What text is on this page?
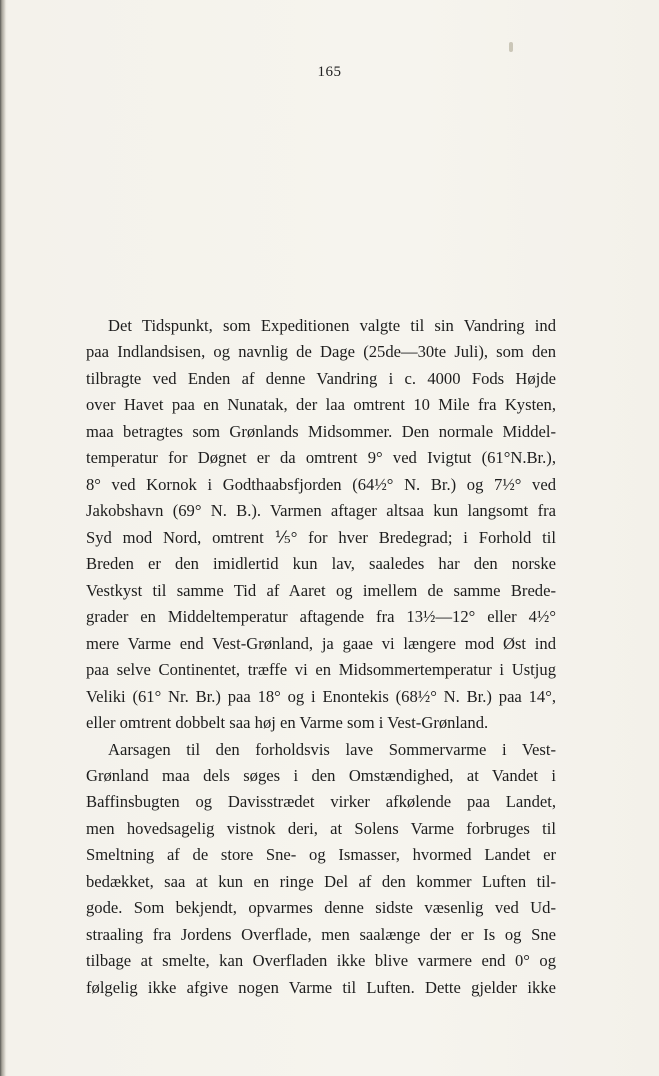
165
Det Tidspunkt, som Expeditionen valgte til sin Vandring ind
paa Indlandsisen, og navnlig de Dage (25de—30te Juli), som den
tilbragte ved Enden af denne Vandring i c. 4000 Fods Højde
over Havet paa en Nunatak, der laa omtrent 10 Mile fra Kysten,
maa betragtes som Grønlands Midsommer. Den normale Middel-
temperatur for Døgnet er da omtrent 9° ved Ivigtut (61°N.Br.),
8° ved Kornok i Godthaabsfjorden (64½° N. Br.) og 7½° ved
Jakobshavn (69° N. B.). Varmen aftager altsaa kun langsomt fra
Syd mod Nord, omtrent ⅕° for hver Bredegrad; i Forhold til
Breden er den imidlertid kun lav, saaledes har den norske
Vestkyst til samme Tid af Aaret og imellem de samme Brede-
grader en Middeltemperatur aftagende fra 13½—12° eller 4½°
mere Varme end Vest-Grønland, ja gaae vi længere mod Øst ind
paa selve Continentet, træffe vi en Midsommertemperatur i Ustjug
Veliki (61° Nr. Br.) paa 18° og i Enontekis (68½° N. Br.) paa 14°,
eller omtrent dobbelt saa høj en Varme som i Vest-Grønland.
Aarsagen til den forholdsvis lave Sommervarme i Vest-
Grønland maa dels søges i den Omstændighed, at Vandet i
Baffinsbugten og Davisstrædet virker afkølende paa Landet,
men hovedsagelig vistnok deri, at Solens Varme forbruges til
Smeltning af de store Sne- og Ismasser, hvormed Landet er
bedækket, saa at kun en ringe Del af den kommer Luften til-
gode. Som bekjendt, opvarmes denne sidste væsenlig ved Ud-
straaling fra Jordens Overflade, men saalænge der er Is og Sne
tilbage at smelte, kan Overfladen ikke blive varmere end 0° og
følgelig ikke afgive nogen Varme til Luften. Dette gjelder ikke
